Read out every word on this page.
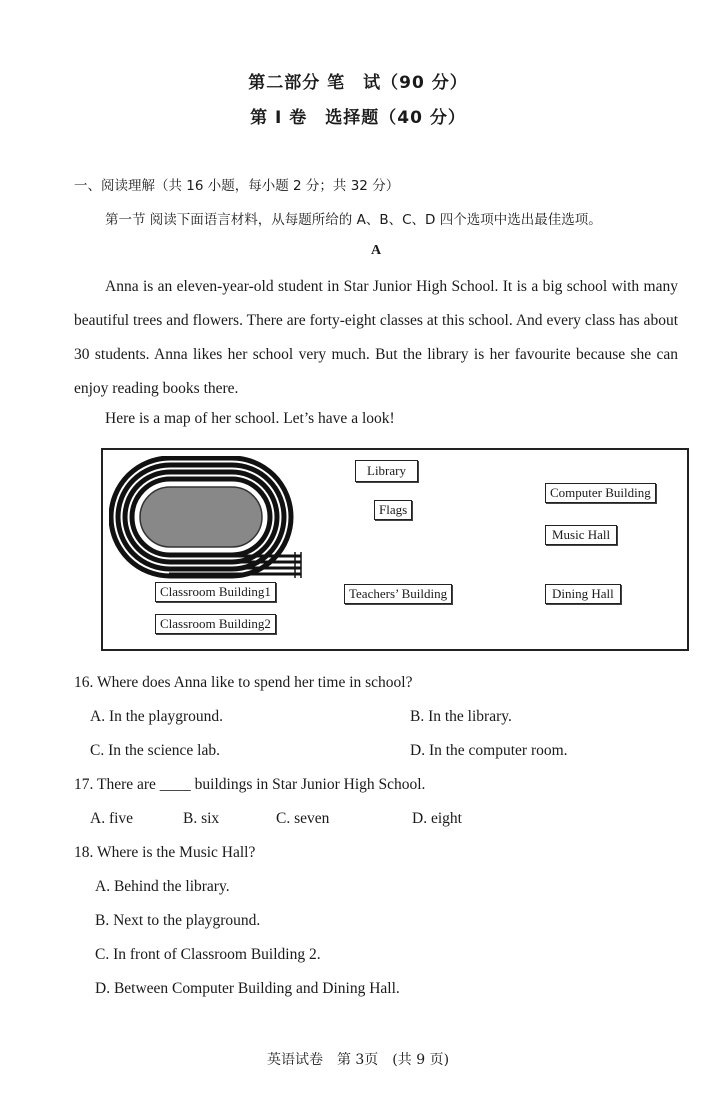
第二部分 笔　试（90 分）
第 Ⅰ 卷　选择题（40 分）
一、阅读理解（共 16 小题，每小题 2 分；共 32 分）
第一节 阅读下面语言材料，从每题所给的 A、B、C、D 四个选项中选出最佳选项。
A
Anna is an eleven-year-old student in Star Junior High School. It is a big school with many beautiful trees and flowers. There are forty-eight classes at this school. And every class has about 30 students. Anna likes her school very much. But the library is her favourite because she can enjoy reading books there.
Here is a map of her school. Let’s have a look!
Library
Flags
Computer Building
Music Hall
Classroom Building1
Classroom Building2
Teachers’ Building	Dining Hall
16. Where does Anna like to spend her time in school?
A. In the playground.	B. In the library.
C. In the science lab.	D. In the computer room.
17. There are ____ buildings in Star Junior High School.
A. five	B. six	C. seven	D. eight
18. Where is the Music Hall?
A. Behind the library.
B. Next to the playground.
C. In front of Classroom Building 2.
D. Between Computer Building and Dining Hall.
英语试卷　第 3页　(共 9 页)
